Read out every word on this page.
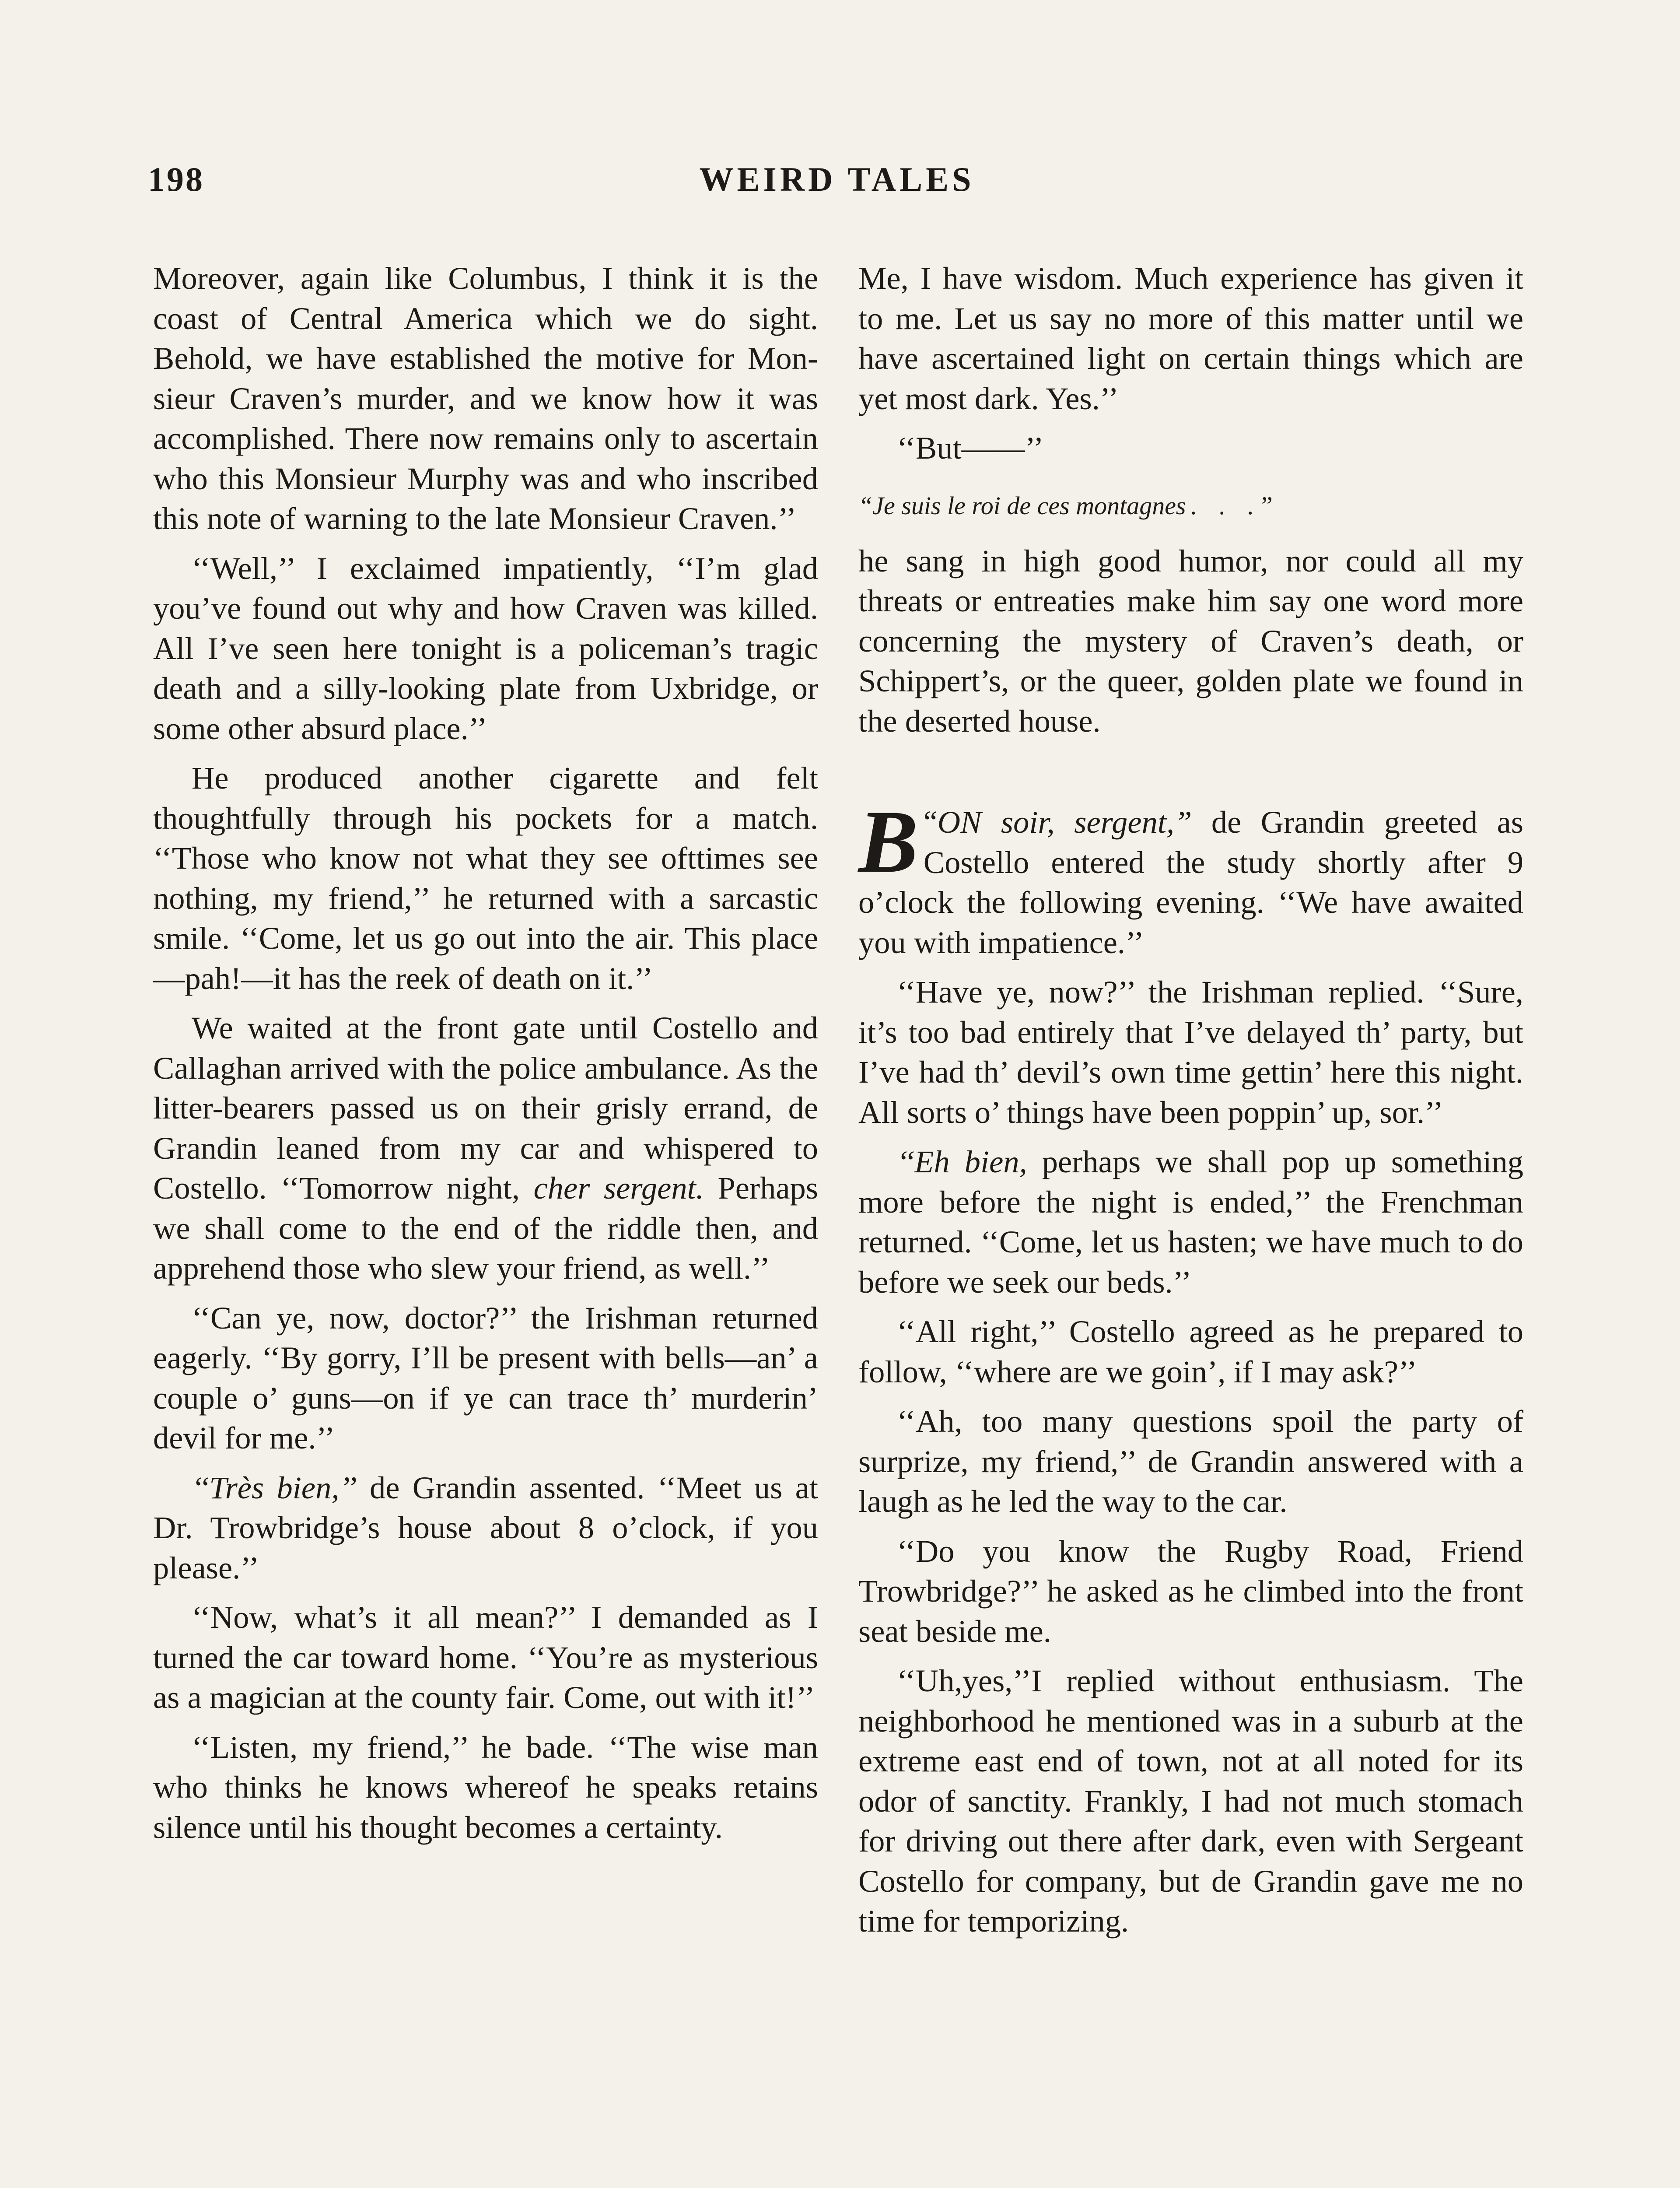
198	WEIRD TALES

Moreover, again like Columbus, I think it is the coast of Central America which we do sight. Behold, we have established the motive for Monsieur Craven’s murder, and we know how it was accomplished. There now remains only to ascertain who this Monsieur Murphy was and who inscribed this note of warning to the late Monsieur Craven.’’

‘‘Well,’’ I exclaimed impatiently, ‘‘I’m glad you’ve found out why and how Craven was killed. All I’ve seen here tonight is a policeman’s tragic death and a silly-looking plate from Uxbridge, or some other absurd place.’’

He produced another cigarette and felt thoughtfully through his pockets for a match. ‘‘Those who know not what they see ofttimes see nothing, my friend,’’ he returned with a sarcastic smile. ‘‘Come, let us go out into the air. This place—pah!—it has the reek of death on it.’’

We waited at the front gate until Costello and Callaghan arrived with the police ambulance. As the litter-bearers passed us on their grisly errand, de Grandin leaned from my car and whispered to Costello. ‘‘Tomorrow night, cher sergent. Perhaps we shall come to the end of the riddle then, and apprehend those who slew your friend, as well.’’

‘‘Can ye, now, doctor?’’ the Irishman returned eagerly. ‘‘By gorry, I’ll be present with bells—an’ a couple o’ guns—on if ye can trace th’ murderin’ devil for me.’’

‘‘Très bien,’’ de Grandin assented. ‘‘Meet us at Dr. Trowbridge’s house about 8 o’clock, if you please.’’

‘‘Now, what’s it all mean?’’ I demanded as I turned the car toward home. ‘‘You’re as mysterious as a magician at the county fair. Come, out with it!’’

‘‘Listen, my friend,’’ he bade. ‘‘The wise man who thinks he knows whereof he speaks retains silence until his thought becomes a certainty.

Me, I have wisdom. Much experience has given it to me. Let us say no more of this matter until we have ascertained light on certain things which are yet most dark. Yes.’’

‘‘But——’’

“Je suis le roi de ces montagnes . . .”

he sang in high good humor, nor could all my threats or entreaties make him say one word more concerning the mystery of Craven’s death, or Schippert’s, or the queer, golden plate we found in the deserted house.

“
B ON soir, sergent,” de Grandin greeted as Costello entered the study shortly after 9 o’clock the following evening. ‘‘We have awaited you with impatience.’’

‘‘Have ye, now?’’ the Irishman replied. ‘‘Sure, it’s too bad entirely that I’ve delayed th’ party, but I’ve had th’ devil’s own time gettin’ here this night. All sorts o’ things have been poppin’ up, sor.’’

‘‘Eh bien, perhaps we shall pop up something more before the night is ended,’’ the Frenchman returned. ‘‘Come, let us hasten; we have much to do before we seek our beds.’’

‘‘All right,’’ Costello agreed as he prepared to follow, ‘‘where are we goin’, if I may ask?’’

‘‘Ah, too many questions spoil the party of surprize, my friend,’’ de Grandin answered with a laugh as he led the way to the car.

‘‘Do you know the Rugby Road, Friend Trowbridge?’’ he asked as he climbed into the front seat beside me.

‘‘Uh,yes,’’I replied without enthusiasm. The neighborhood he mentioned was in a suburb at the extreme east end of town, not at all noted for its odor of sanctity. Frankly, I had not much stomach for driving out there after dark, even with Sergeant Costello for company, but de Grandin gave me no time for temporizing.
